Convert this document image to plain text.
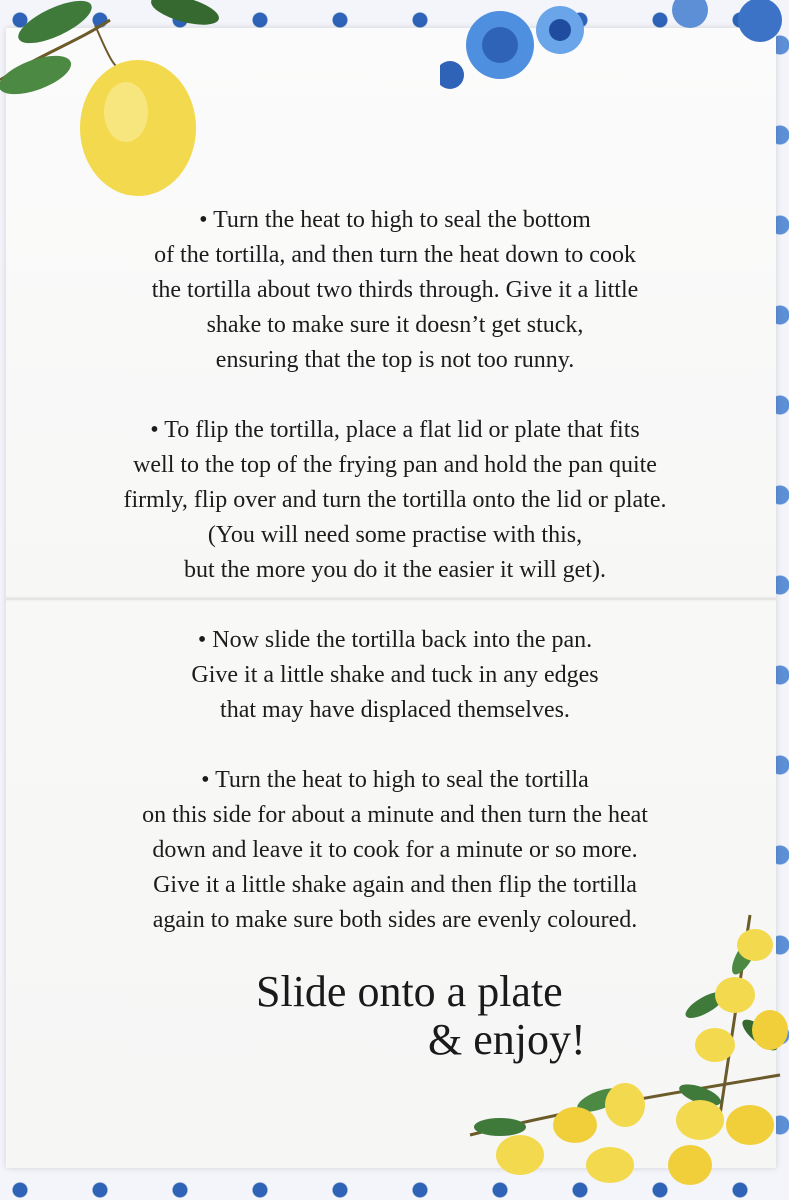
• Turn the heat to high to seal the bottom
of the tortilla, and then turn the heat down to cook
the tortilla about two thirds through. Give it a little
shake to make sure it doesn’t get stuck,
ensuring that the top is not too runny.
• To flip the tortilla, place a flat lid or plate that fits
well to the top of the frying pan and hold the pan quite
firmly, flip over and turn the tortilla onto the lid or plate.
(You will need some practise with this,
but the more you do it the easier it will get).
• Now slide the tortilla back into the pan.
Give it a little shake and tuck in any edges
that may have displaced themselves.
• Turn the heat to high to seal the tortilla
on this side for about a minute and then turn the heat
down and leave it to cook for a minute or so more.
Give it a little shake again and then flip the tortilla
again to make sure both sides are evenly coloured.
Slide onto a plate
& enjoy!
